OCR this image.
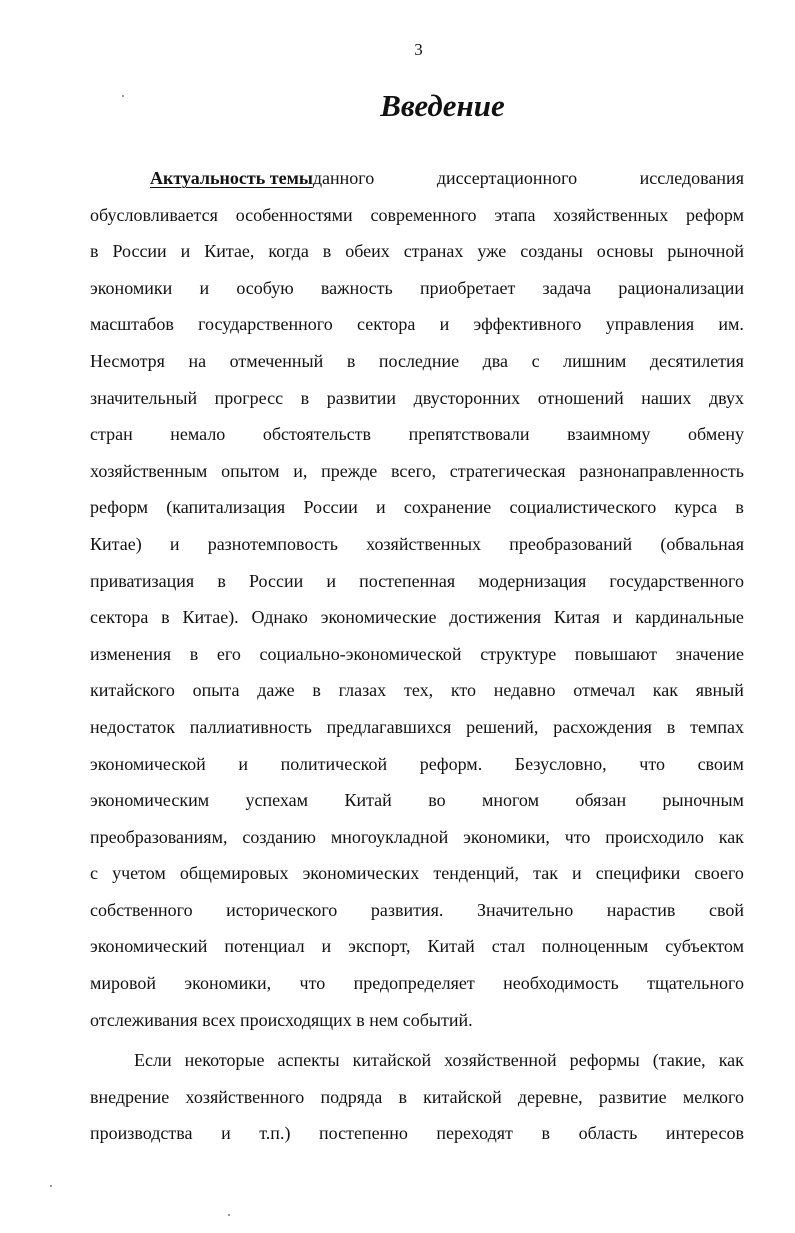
3
Введение
Актуальность темы данного	диссертационного	исследования
обусловливается особенностями современного этапа хозяйственных реформ
в России и Китае, когда в обеих странах уже созданы основы рыночной
экономики и особую важность приобретает задача рационализации
масштабов государственного сектора и эффективного управления им.
Несмотря на отмеченный в последние два с лишним десятилетия
значительный прогресс в развитии двусторонних отношений наших двух
стран немало обстоятельств препятствовали взаимному обмену
хозяйственным опытом и, прежде всего, стратегическая разнонаправленность
реформ (капитализация России и сохранение социалистического курса в
Китае) и разнотемповость хозяйственных преобразований (обвальная
приватизация в России и постепенная модернизация государственного
сектора в Китае). Однако экономические достижения Китая и кардинальные
изменения в его социально-экономической структуре повышают значение
китайского опыта даже в глазах тех, кто недавно отмечал как явный
недостаток паллиативность предлагавшихся решений, расхождения в темпах
экономической и политической реформ. Безусловно, что своим
экономическим успехам Китай во многом обязан рыночным
преобразованиям, созданию многоукладной экономики, что происходило как
с учетом общемировых экономических тенденций, так и специфики своего
собственного исторического развития. Значительно нарастив свой
экономический потенциал и экспорт, Китай стал полноценным субъектом
мировой экономики, что предопределяет необходимость тщательного
отслеживания всех происходящих в нем событий.
Если некоторые аспекты китайской хозяйственной реформы (такие, как
внедрение хозяйственного подряда в китайской деревне, развитие мелкого
производства и т.п.) постепенно переходят в область интересов
